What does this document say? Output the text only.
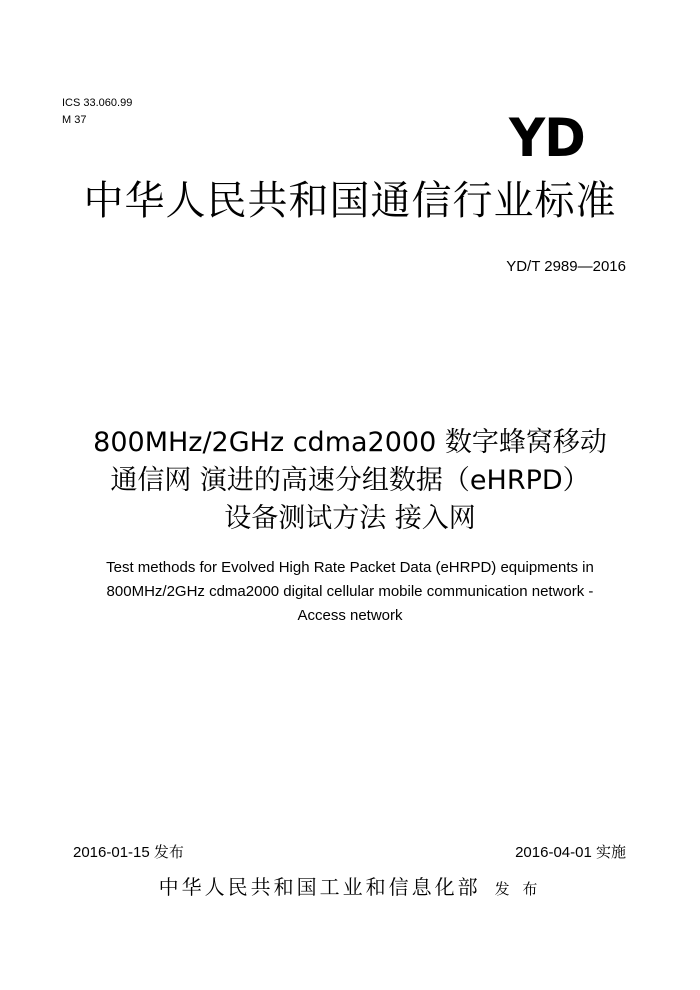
ICS 33.060.99
M 37	YD
中华人民共和国通信行业标准
YD/T 2989—2016
800MHz/2GHz cdma2000 数字蜂窝移动
通信网 演进的高速分组数据（eHRPD）
设备测试方法 接入网
Test methods for Evolved High Rate Packet Data (eHRPD) equipments in
800MHz/2GHz cdma2000 digital cellular mobile communication network -
Access network
2016-01-15 发布	2016-04-01 实施
中华人民共和国工业和信息化部 发 布
